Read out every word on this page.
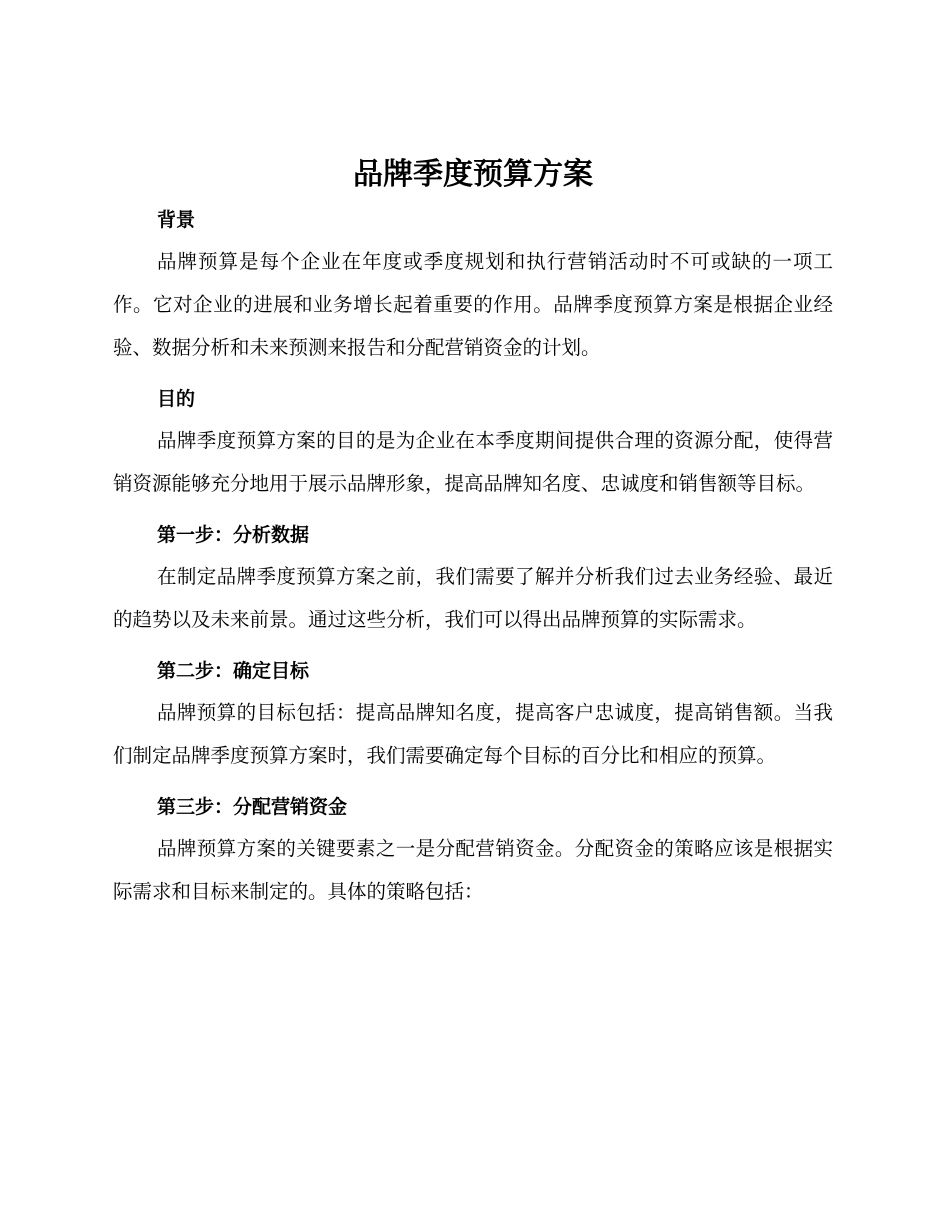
品牌季度预算方案
背景

品牌预算是每个企业在年度或季度规划和执行营销活动时不可或缺的一项工作。它对企业的进展和业务增长起着重要的作用。品牌季度预算方案是根据企业经验、数据分析和未来预测来报告和分配营销资金的计划。

目的

品牌季度预算方案的目的是为企业在本季度期间提供合理的资源分配，使得营销资源能够充分地用于展示品牌形象，提高品牌知名度、忠诚度和销售额等目标。

第一步：分析数据

在制定品牌季度预算方案之前，我们需要了解并分析我们过去业务经验、最近的趋势以及未来前景。通过这些分析，我们可以得出品牌预算的实际需求。

第二步：确定目标

品牌预算的目标包括：提高品牌知名度，提高客户忠诚度，提高销售额。当我们制定品牌季度预算方案时，我们需要确定每个目标的百分比和相应的预算。

第三步：分配营销资金

品牌预算方案的关键要素之一是分配营销资金。分配资金的策略应该是根据实际需求和目标来制定的。具体的策略包括：
